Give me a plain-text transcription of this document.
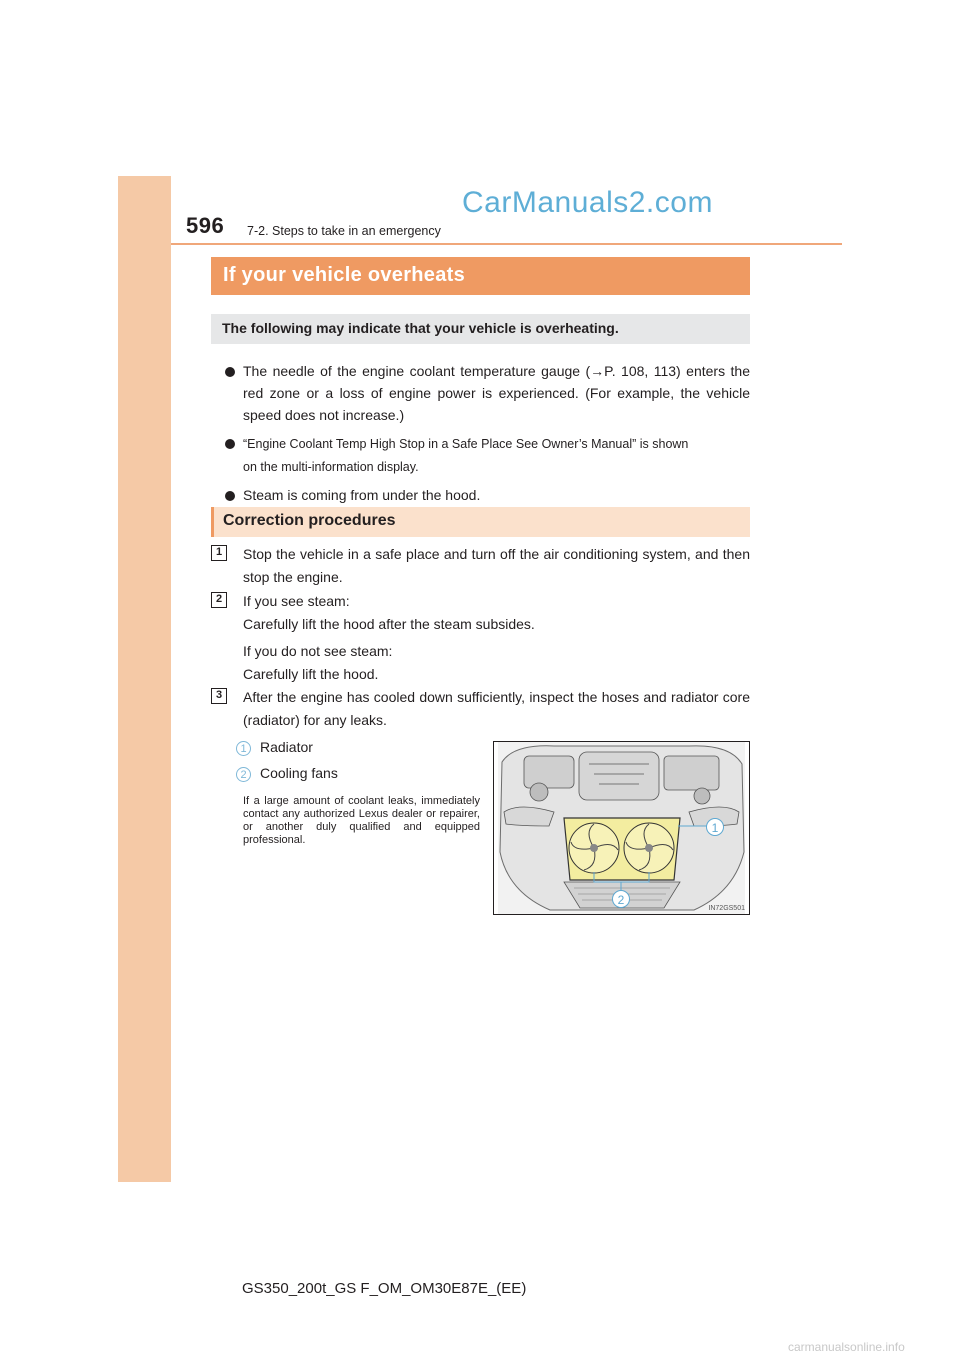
596 7-2. Steps to take in an emergency
CarManuals2.com
If your vehicle overheats
The following may indicate that your vehicle is overheating.
The needle of the engine coolant temperature gauge (→P. 108, 113) enters the red zone or a loss of engine power is experienced. (For example, the vehicle speed does not increase.)
“Engine Coolant Temp High Stop in a Safe Place See Owner’s Manual” is shown
on the multi-information display.
Steam is coming from under the hood.
Correction procedures
1	Stop the vehicle in a safe place and turn off the air conditioning system, and then stop the engine.
2	If you see steam:
Carefully lift the hood after the steam subsides.
If you do not see steam:
Carefully lift the hood.
3	After the engine has cooled down sufficiently, inspect the hoses and radiator core (radiator) for any leaks.
1 Radiator
2 Cooling fans
If a large amount of coolant leaks, immediately contact any authorized Lexus dealer or repairer, or another duly qualified and equipped professional.
1
2
IN72GS501
GS350_200t_GS F_OM_OM30E87E_(EE)
carmanualsonline.info
